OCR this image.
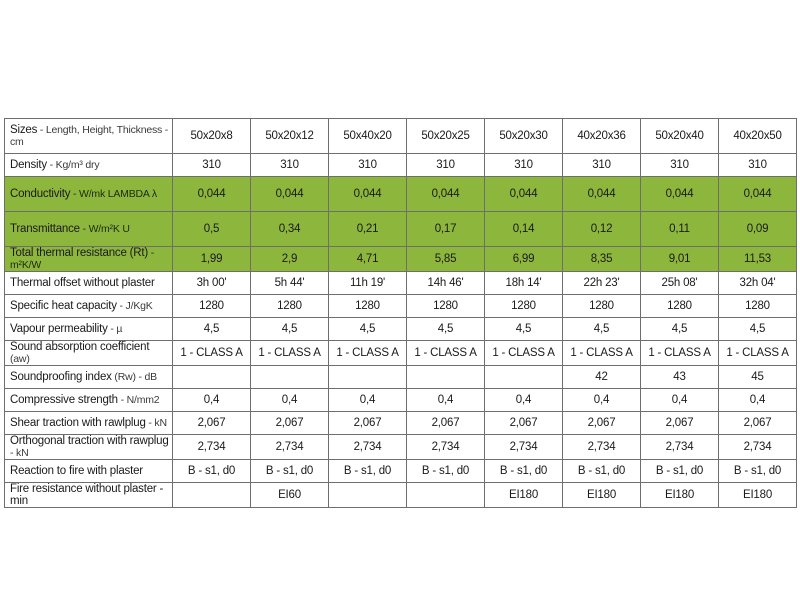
Sizes - Length, Height, Thickness - cm	50x20x8	50x20x12	50x40x20	50x20x25	50x20x30	40x20x36	50x20x40	40x20x50
Density - Kg/m³ dry	310	310	310	310	310	310	310	310
Conductivity - W/mk LAMBDA λ	0,044	0,044	0,044	0,044	0,044	0,044	0,044	0,044
Transmittance - W/m²K U	0,5	0,34	0,21	0,17	0,14	0,12	0,11	0,09
Total thermal resistance (Rt) - m²K/W	1,99	2,9	4,71	5,85	6,99	8,35	9,01	11,53
Thermal offset without plaster	3h 00'	5h 44'	11h 19'	14h 46'	18h 14'	22h 23'	25h 08'	32h 04'
Specific heat capacity - J/KgK	1280	1280	1280	1280	1280	1280	1280	1280
Vapour permeability - µ	4,5	4,5	4,5	4,5	4,5	4,5	4,5	4,5
Sound absorption coefficient (aw)	1 - CLASS A	1 - CLASS A	1 - CLASS A	1 - CLASS A	1 - CLASS A	1 - CLASS A	1 - CLASS A	1 - CLASS A
Soundproofing index (Rw) - dB						42	43	45
Compressive strength - N/mm2	0,4	0,4	0,4	0,4	0,4	0,4	0,4	0,4
Shear traction with rawlplug - kN	2,067	2,067	2,067	2,067	2,067	2,067	2,067	2,067
Orthogonal traction with rawplug - kN	2,734	2,734	2,734	2,734	2,734	2,734	2,734	2,734
Reaction to fire with plaster	B - s1, d0	B - s1, d0	B - s1, d0	B - s1, d0	B - s1, d0	B - s1, d0	B - s1, d0	B - s1, d0
Fire resistance without plaster - min		EI60			EI180	EI180	EI180	EI180
